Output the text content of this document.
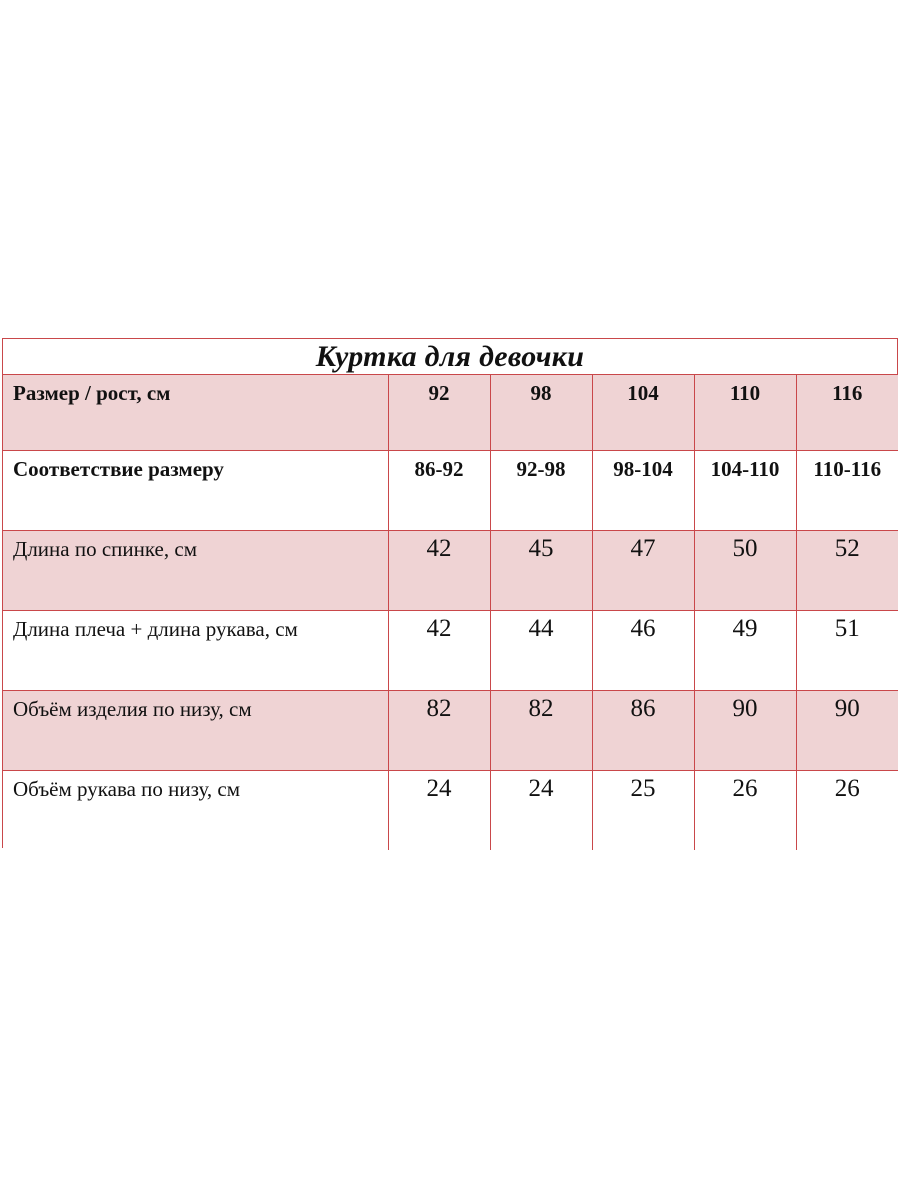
Куртка для девочки
Размер / рост, см	92	98	104	110	116

Соответствие размеру	86-92	92-98	98-104	104-110	110-116

Длина по спинке, см	42	45	47	50	52

Длина плеча + длина рукава, см	42	44	46	49	51

Объём изделия по низу, см	82	82	86	90	90

Объём рукава по низу, см	24	24	25	26	26
